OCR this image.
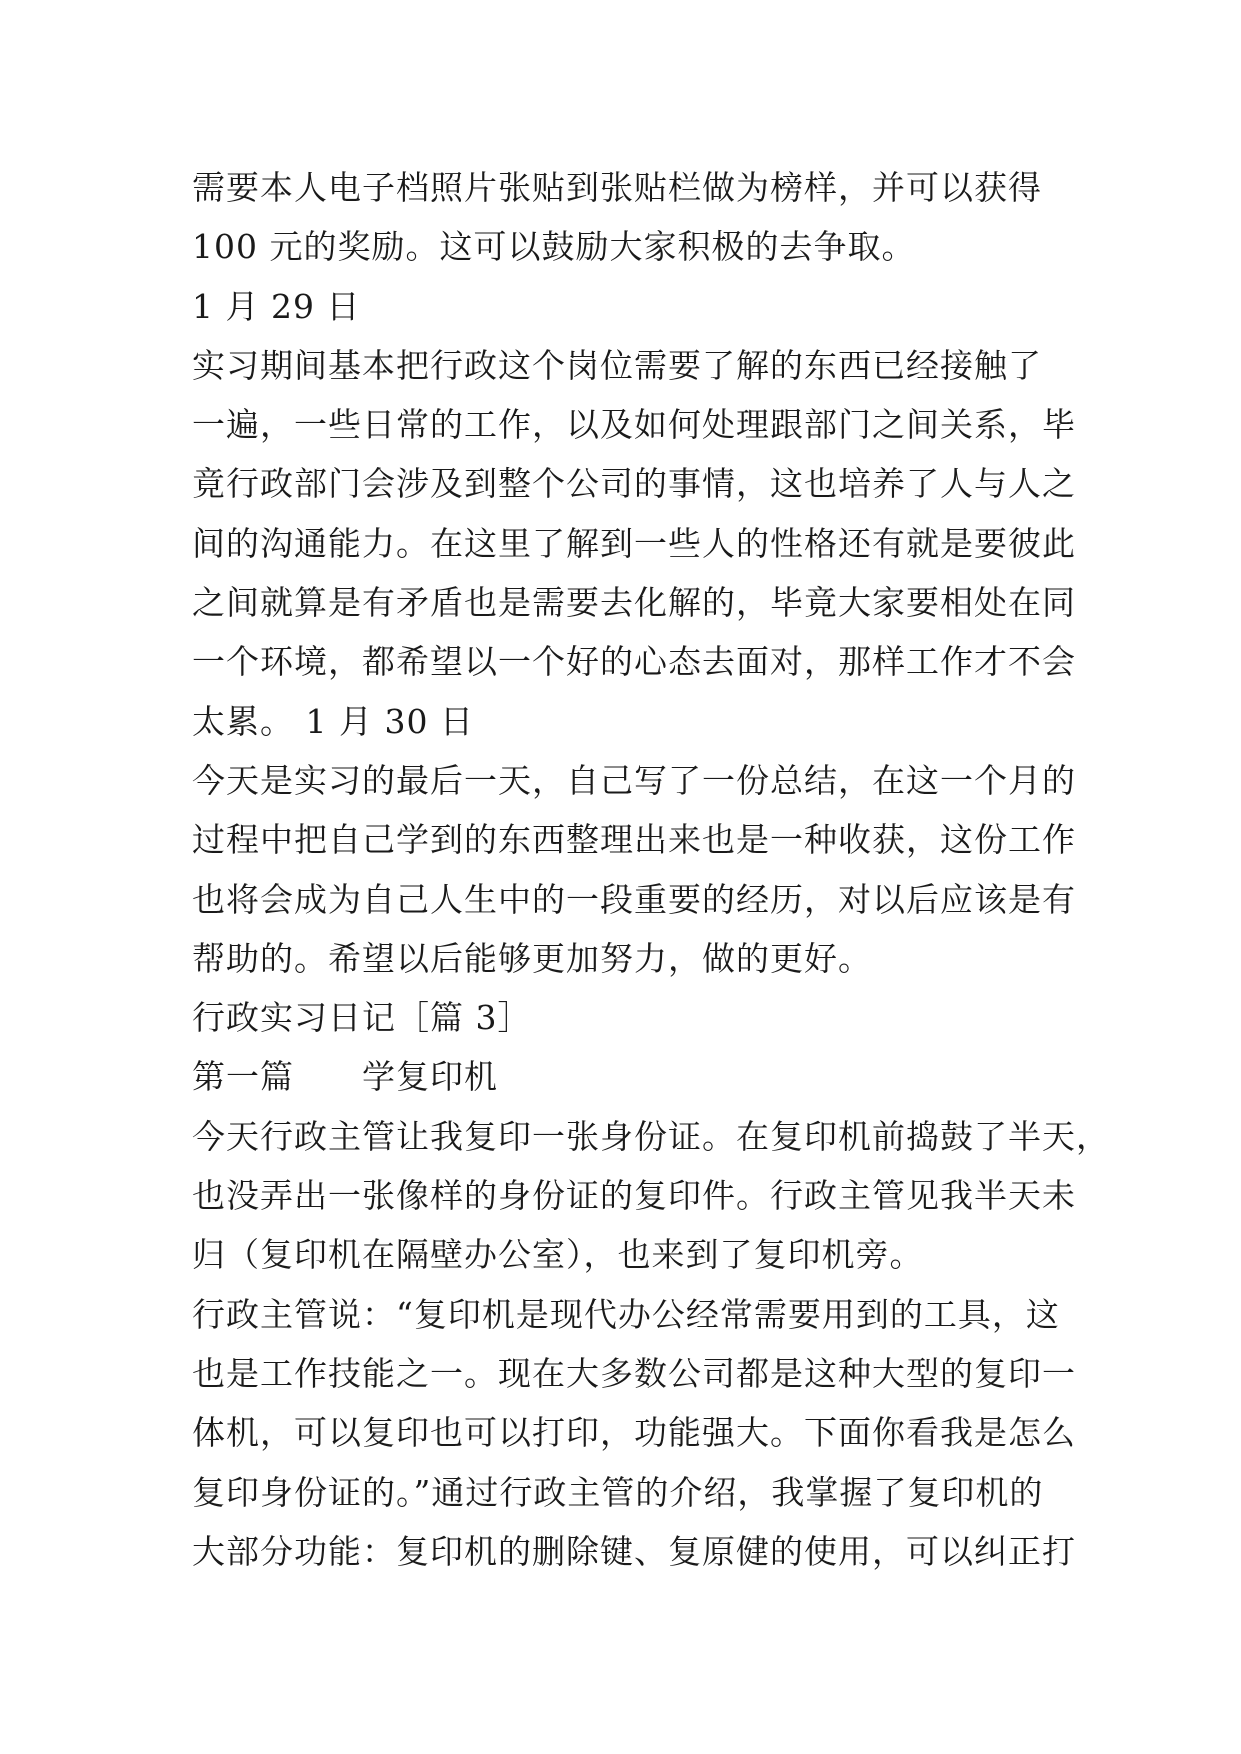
需要本人电子档照片张贴到张贴栏做为榜样，并可以获得
100 元的奖励。这可以鼓励大家积极的去争取。
1 月 29 日
实习期间基本把行政这个岗位需要了解的东西已经接触了
一遍，一些日常的工作，以及如何处理跟部门之间关系，毕
竟行政部门会涉及到整个公司的事情，这也培养了人与人之
间的沟通能力。在这里了解到一些人的性格还有就是要彼此
之间就算是有矛盾也是需要去化解的，毕竟大家要相处在同
一个环境，都希望以一个好的心态去面对，那样工作才不会
太累。 1 月 30 日
今天是实习的最后一天，自己写了一份总结，在这一个月的
过程中把自己学到的东西整理出来也是一种收获，这份工作
也将会成为自己人生中的一段重要的经历，对以后应该是有
帮助的。希望以后能够更加努力，做的更好。
行政实习日记［篇 3］
第一篇　　学复印机
今天行政主管让我复印一张身份证。在复印机前捣鼓了半天，
也没弄出一张像样的身份证的复印件。行政主管见我半天未
归（复印机在隔壁办公室），也来到了复印机旁。
行政主管说：“复印机是现代办公经常需要用到的工具，这
也是工作技能之一。现在大多数公司都是这种大型的复印一
体机，可以复印也可以打印，功能强大。下面你看我是怎么
复印身份证的。”通过行政主管的介绍，我掌握了复印机的
大部分功能：复印机的删除键、复原健的使用，可以纠正打
